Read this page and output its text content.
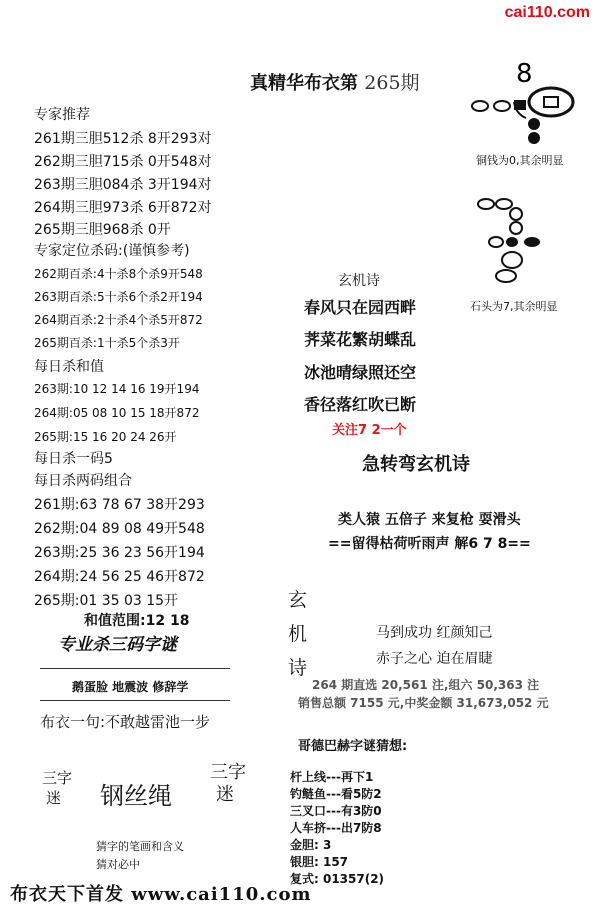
cai110.com
真精华布衣第 265期
专家推荐
261期三胆512杀 8开293对
262期三胆715杀 0开548对
263期三胆084杀 3开194对
264期三胆973杀 6开872对
265期三胆968杀 0开
专家定位杀码:(谨慎参考)
262期百杀:4十杀8个杀9开548
263期百杀:5十杀6个杀2开194
264期百杀:2十杀4个杀5开872
265期百杀:1十杀5个杀3开
每日杀和值
263期:10 12 14 16 19开194
264期:05 08 10 15 18开872
265期:15 16 20 24 26开
每日杀一码5
每日杀两码组合
261期:63 78 67 38开293
262期:04 89 08 49开548
263期:25 36 23 56开194
264期:24 56 25 46开872
265期:01 35 03 15开
和值范围:12 18
专业杀三码字谜
鹅蛋脸 地震波 修辞学
布衣一句:不敢越雷池一步
三字
迷	钢丝绳
三字
迷
猜字的笔画和含义
猜对必中
8
铜钱为0,其余明显
石头为7,其余明显
玄机诗
春风只在园西畔
荠菜花繁胡蝶乱
冰池晴绿照还空
香径落红吹已断
关注7 2一个
急转弯玄机诗
类人猿 五倍子 来复枪 耍滑头
==留得枯荷听雨声 解6 7 8==
玄
机
诗
马到成功 红颜知己
赤子之心 迫在眉睫
264 期直选 20,561 注,组六 50,363 注
销售总额 7155 元,中奖金额 31,673,052 元
哥德巴赫字谜猜想:
杆上线---再下1
钓鲢鱼---看5防2
三叉口---有3防0
人车挤---出7防8
金胆: 3
银胆: 157
复式: 01357(2)
布衣天下首发 www.cai110.com
